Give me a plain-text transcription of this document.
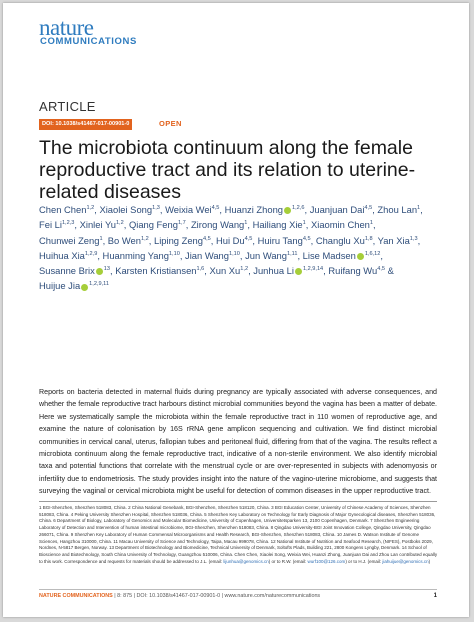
nature
COMMUNICATIONS
ARTICLE
DOI: 10.1038/s41467-017-00901-0	OPEN
The microbiota continuum along the female reproductive tract and its relation to uterine-related diseases
Chen Chen$^{1,2}$, Xiaolei Song$^{1,3}$, Weixia Wei$^{4,5}$, Huanzi Zhong $^{1,2,6}$, Juanjuan Dai$^{4,5}$, Zhou Lan$^1$, Fei Li$^{1,2,3}$, Xinlei Yu$^{1,2}$, Qiang Feng$^{1,7}$, Zirong Wang$^1$, Hailiang Xie$^1$, Xiaomin Chen$^1$, Chunwei Zeng$^1$, Bo Wen$^{1,2}$, Liping Zeng$^{4,5}$, Hui Du$^{4,5}$, Huiru Tang$^{4,5}$, Changlu Xu$^{1,8}$, Yan Xia$^{1,3}$, Huihua Xia$^{1,2,9}$, Huanming Yang$^{1,10}$, Jian Wang$^{1,10}$, Jun Wang$^{1,11}$, Lise Madsen $^{1,6,12}$, Susanne Brix $^{13}$, Karsten Kristiansen$^{1,6}$, Xun Xu$^{1,2}$, Junhua Li $^{1,2,9,14}$, Ruifang Wu$^{4,5}$ & Huijue Jia $^{1,2,9,11}$

Reports on bacteria detected in maternal fluids during pregnancy are typically associated with adverse consequences, and whether the female reproductive tract harbours distinct microbial communities beyond the vagina has been a matter of debate. Here we systematically sample the microbiota within the female reproductive tract in 110 women of reproductive age, and examine the nature of colonisation by 16S rRNA gene amplicon sequencing and cultivation. We find distinct microbial communities in cervical canal, uterus, fallopian tubes and peritoneal fluid, differing from that of the vagina. The results reflect a microbiota continuum along the female reproductive tract, indicative of a non-sterile environment. We also identify microbial taxa and potential functions that correlate with the menstrual cycle or are over-represented in subjects with adenomyosis or infertility due to endometriosis. The study provides insight into the nature of the vagino-uterine microbiome, and suggests that surveying the vaginal or cervical microbiota might be useful for detection of common diseases in the upper reproductive tract.

1 BGI-Shenzhen, Shenzhen 518083, China. 2 China National Genebank, BGI-Shenzhen, Shenzhen 518120, China. 3 BGI Education Center, University of Chinese Academy of Sciences, Shenzhen 518083, China. 4 Peking University Shenzhen Hospital, Shenzhen 518036, China. 5 Shenzhen Key Laboratory on Technology for Early Diagnosis of Major Gynecological diseases, Shenzhen 518036, China. 6 Department of Biology, Laboratory of Genomics and Molecular Biomedicine, University of Copenhagen, Universitetsparken 13, 2100 Copenhagen, Denmark. 7 Shenzhen Engineering Laboratory of Detection and Intervention of human intestinal microbiome, BGI-Shenzhen, Shenzhen 518083, China. 8 Qingdao University-BGI Joint Innovation College, Qingdao University, Qingdao 266071, China. 9 Shenzhen Key Laboratory of Human Commensal Microorganisms and Health Research, BGI-Shenzhen, Shenzhen 518083, China. 10 James D. Watson Institute of Genome Sciences, Hangzhou 310000, China. 11 Macau University of Science and Technology, Taipa, Macau 999078, China. 12 National Institute of Nutrition and Seafood Research, (NIFES), Postboks 2029, Nordnes, N-5817 Bergen, Norway. 13 Department of Biotechnology and Biomedicine, Technical University of Denmark, Soltofts Plads, Building 221, 2800 Kongens Lyngby, Denmark. 14 School of Bioscience and Biotechnology, South China University of Technology, Guangzhou 510006, China. Chen Chen, Xiaolei Song, Weixia Wei, Huanzi Zhong, Juanjuan Dai and Zhou Lan contributed equally to this work. Correspondence and requests for materials should be addressed to J.L. (email: lijunhua@genomics.cn) or to R.W. (email: wurf100@126.com) or to H.J. (email: jiahuijue@genomics.cn)

NATURE COMMUNICATIONS | 8: 875 | DOI: 10.1038/s41467-017-00901-0 | www.nature.com/naturecommunications	1
